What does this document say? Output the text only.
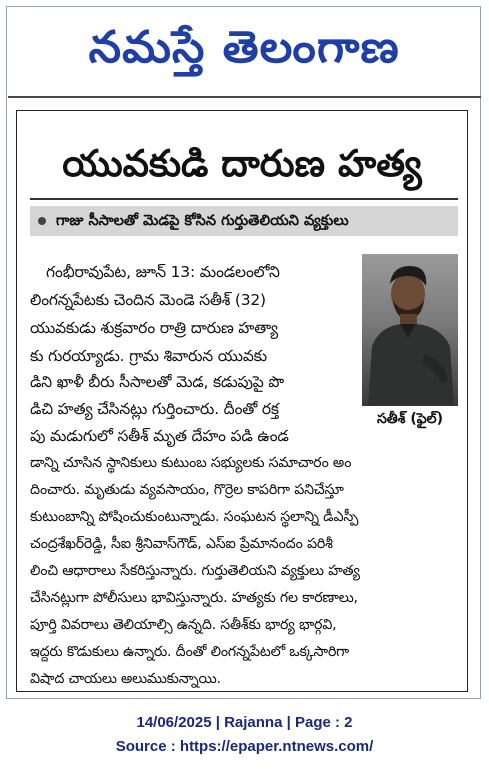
నమస్తే తెలంగాణ
యువకుడి దారుణ హత్య
గాజు సీసాలతో మెడపై కోసిన గుర్తుతెలియని వ్యక్తులు
సతీశ్ (ఫైల్)
గంభీరావుపేట, జూన్ 13: మండలంలోని
లింగన్నపేటకు చెందిన మెండె సతీశ్ (32)
యువకుడు శుక్రవారం రాత్రి దారుణ హత్యా
కు గురయ్యాడు. గ్రామ శివారున యువకు
డిని ఖాళీ బీరు సీసాలతో మెడ, కడుపుపై పొ
డిచి హత్య చేసినట్లు గుర్తించారు. దీంతో రక్త
పు మడుగులో సతీశ్ మృత దేహం పడి ఉండ
డాన్ని చూసిన స్థానికులు కుటుంబ సభ్యులకు సమాచారం అం
దించారు. మృతుడు వ్యవసాయం, గొర్రెల కాపరిగా పనిచేస్తూ
కుటుంబాన్ని పోషించుకుంటున్నాడు. సంఘటన స్థలాన్ని డీఎస్పీ
చంద్రశేఖర్‌రెడ్డి, సీఐ శ్రీనివాస్‌గౌడ్, ఎస్‌ఐ ప్రేమానందం పరిశీ
లించి ఆధారాలు సేకరిస్తున్నారు. గుర్తుతెలియని వ్యక్తులు హత్య
చేసినట్లుగా పోలీసులు భావిస్తున్నారు. హత్యకు గల కారణాలు,
పూర్తి వివరాలు తెలియాల్సి ఉన్నది. సతీశ్‌కు భార్య భార్గవి,
ఇద్దరు కొడుకులు ఉన్నారు. దీంతో లింగన్నపేటలో ఒక్కసారిగా
విషాద చాయలు అలుముకున్నాయి.
14/06/2025 | Rajanna | Page : 2
Source : https://epaper.ntnews.com/
